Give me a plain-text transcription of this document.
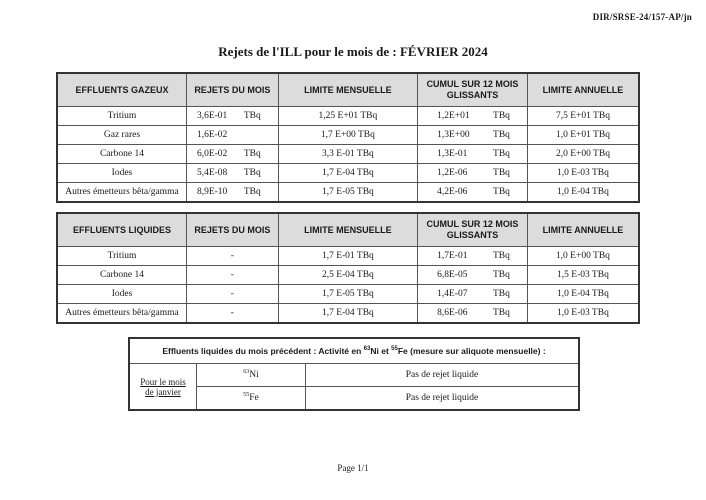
DIR/SRSE-24/157-AP/jn
Rejets de l'ILL pour le mois de : FÉVRIER 2024
EFFLUENTS GAZEUX	REJETS DU MOIS	LIMITE MENSUELLE	CUMUL SUR 12 MOIS GLISSANTS	LIMITE ANNUELLE
Tritium	3,6E-01 TBq	1,25 E+01 TBq	1,2E+01 TBq	7,5 E+01 TBq
Gaz rares	1,6E-02	1,7 E+00 TBq	1,3E+00 TBq	1,0 E+01 TBq
Carbone 14	6,0E-02 TBq	3,3 E-01 TBq	1,3E-01 TBq	2,0 E+00 TBq
Iodes	5,4E-08 TBq	1,7 E-04 TBq	1,2E-06 TBq	1,0 E-03 TBq
Autres émetteurs bêta/gamma	8,9E-10 TBq	1,7 E-05 TBq	4,2E-06 TBq	1,0 E-04 TBq
EFFLUENTS LIQUIDES	REJETS DU MOIS	LIMITE MENSUELLE	CUMUL SUR 12 MOIS GLISSANTS	LIMITE ANNUELLE
Tritium	-	1,7 E-01 TBq	1,7E-01 TBq	1,0 E+00 TBq
Carbone 14	-	2,5 E-04 TBq	6,8E-05 TBq	1,5 E-03 TBq
Iodes	-	1,7 E-05 TBq	1,4E-07 TBq	1,0 E-04 TBq
Autres émetteurs bêta/gamma	-	1,7 E-04 TBq	8,6E-06 TBq	1,0 E-03 TBq
Effluents liquides du mois précédent : Activité en $^{63}$Ni et $^{55}$Fe (mesure sur aliquote mensuelle) :		
Pour le mois
de janvier	$^{63}$Ni	Pas de rejet liquide
	$^{55}$Fe	Pas de rejet liquide
Page 1/1
